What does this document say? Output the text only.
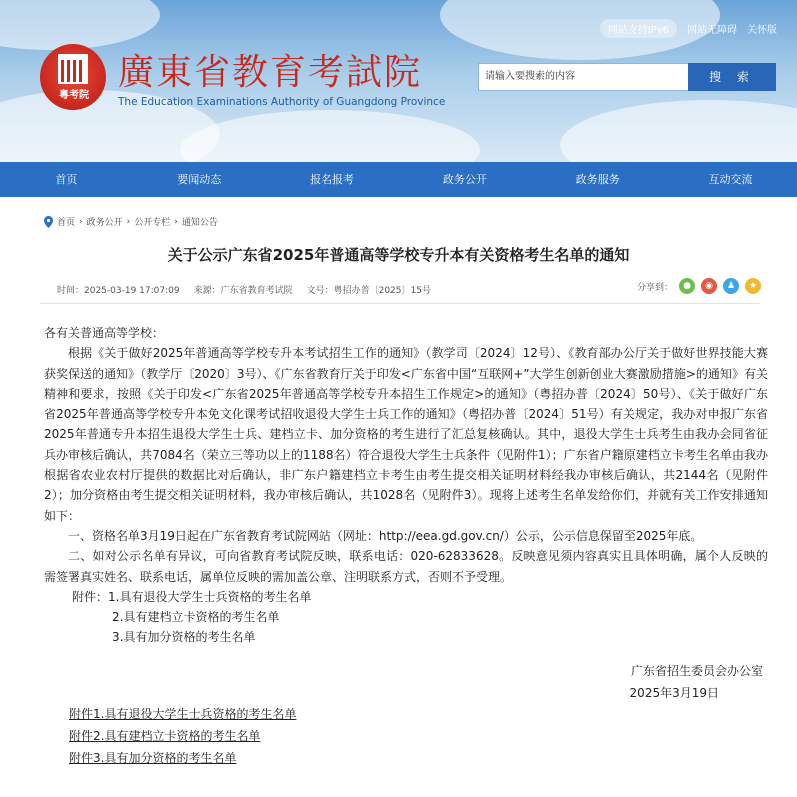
粵考院
廣東省教育考試院
The Education Examinations Authority of Guangdong Province
网站支持IPv6	网站无障碍 关怀版
请输入要搜索的内容	搜 索
首页	要闻动态	报名报考	政务公开	政务服务	互动交流
首页 › 政务公开 › 公开专栏 › 通知公告
关于公示广东省2025年普通高等学校专升本有关资格考生名单的通知
时间：2025-03-19 17:07:09 来源：广东省教育考试院 文号：粤招办普〔2025〕15号	分享到：	●	◉	♟	★

各有关普通高等学校：

根据《关于做好2025年普通高等学校专升本考试招生工作的通知》（教学司〔2024〕12号）、《教育部办公厅关于做好世界技能大赛获奖保送的通知》（教学厅〔2020〕3号）、《广东省教育厅关于印发<广东省中国“互联网+”大学生创新创业大赛激励措施>的通知》有关精神和要求，按照《关于印发<广东省2025年普通高等学校专升本招生工作规定>的通知》（粤招办普〔2024〕50号）、《关于做好广东省2025年普通高等学校专升本免文化课考试招收退役大学生士兵工作的通知》（粤招办普〔2024〕51号）有关规定，我办对申报广东省2025年普通专升本招生退役大学生士兵、建档立卡、加分资格的考生进行了汇总复核确认。其中，退役大学生士兵考生由我办会同省征兵办审核后确认，共7084名（荣立三等功以上的1188名）符合退役大学生士兵条件（见附件1）；广东省户籍原建档立卡考生名单由我办根据省农业农村厅提供的数据比对后确认，非广东户籍建档立卡考生由考生提交相关证明材料经我办审核后确认，共2144名（见附件2）；加分资格由考生提交相关证明材料，我办审核后确认，共1028名（见附件3）。现将上述考生名单发给你们，并就有关工作安排通知如下：

一、资格名单3月19日起在广东省教育考试院网站（网址：http://eea.gd.gov.cn/）公示，公示信息保留至2025年底。

二、如对公示名单有异议，可向省教育考试院反映，联系电话：020-62833628。反映意见须内容真实且具体明确，属个人反映的需签署真实姓名、联系电话，属单位反映的需加盖公章、注明联系方式，否则不予受理。

附件：1.具有退役大学生士兵资格的考生名单

2.具有建档立卡资格的考生名单

3.具有加分资格的考生名单

广东省招生委员会办公室
2025年3月19日
附件1.具有退役大学生士兵资格的考生名单
附件2.具有建档立卡资格的考生名单
附件3.具有加分资格的考生名单
